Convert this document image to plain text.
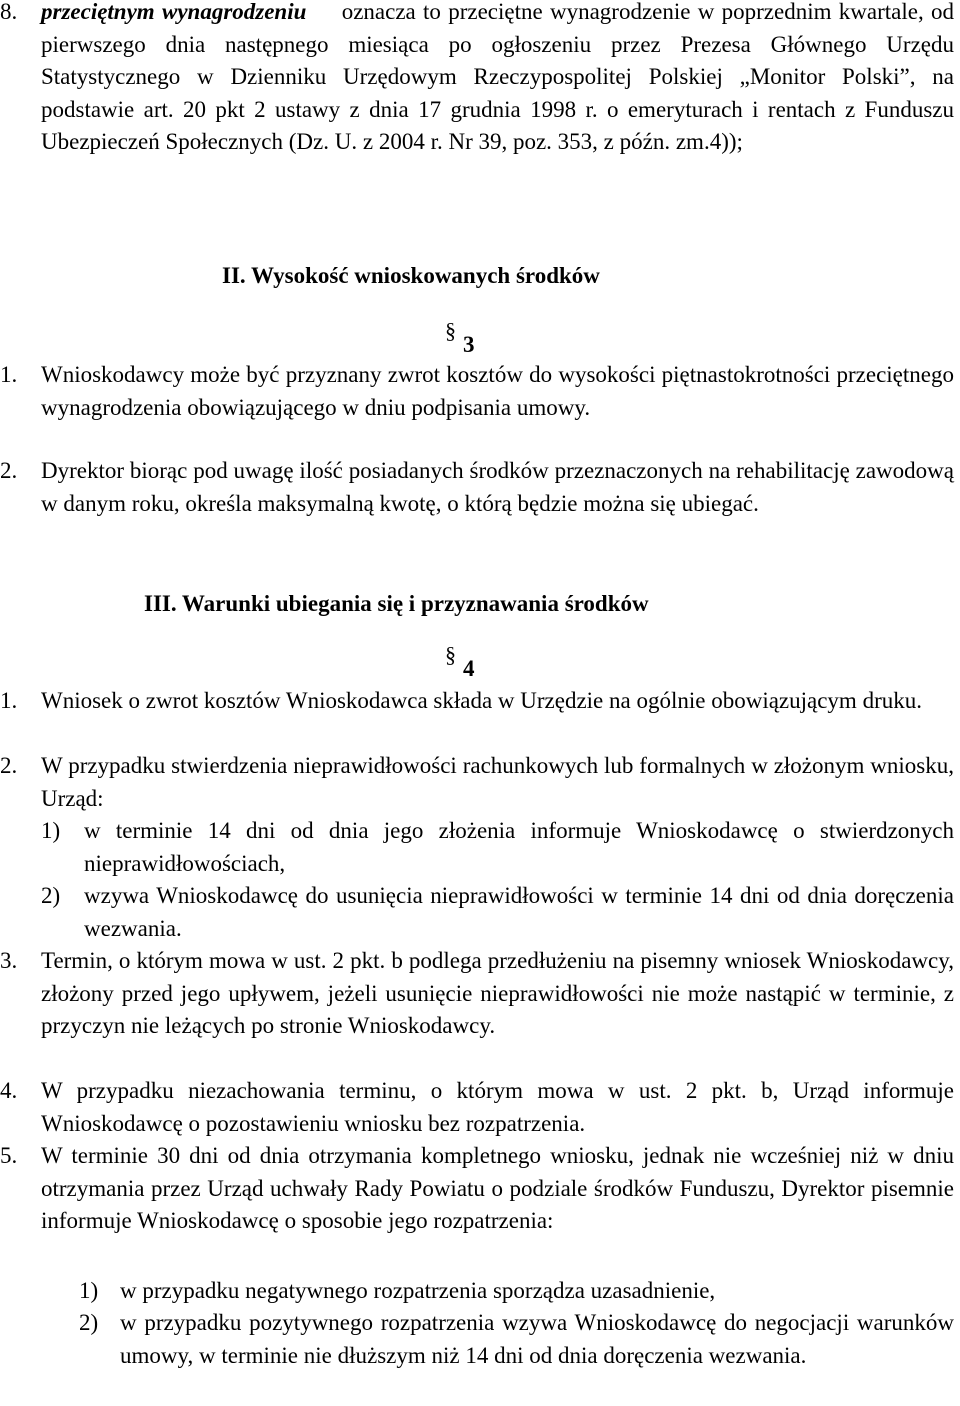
8. przeciętnym wynagrodzeniu oznacza to przeciętne wynagrodzenie w poprzednim kwartale, od pierwszego dnia następnego miesiąca po ogłoszeniu przez Prezesa Głównego Urzędu Statystycznego w Dzienniku Urzędowym Rzeczypospolitej Polskiej „Monitor Polski”, na podstawie art. 20 pkt 2 ustawy z dnia 17 grudnia 1998 r. o emeryturach i rentach z Funduszu Ubezpieczeń Społecznych (Dz. U. z 2004 r. Nr 39, poz. 353, z późn. zm.4));
II. Wysokość wnioskowanych środków
§
3
1. Wnioskodawcy może być przyznany zwrot kosztów do wysokości piętnastokrotności przeciętnego wynagrodzenia obowiązującego w dniu podpisania umowy.
2. Dyrektor biorąc pod uwagę ilość posiadanych środków przeznaczonych na rehabilitację zawodową w danym roku, określa maksymalną kwotę, o którą będzie można się ubiegać.
III. Warunki ubiegania się i przyznawania środków
§
4
1. Wniosek o zwrot kosztów Wnioskodawca składa w Urzędzie na ogólnie obowiązującym druku.
2. W przypadku stwierdzenia nieprawidłowości rachunkowych lub formalnych w złożonym wniosku, Urząd:
1) w terminie 14 dni od dnia jego złożenia informuje Wnioskodawcę o stwierdzonych nieprawidłowościach,
2) wzywa Wnioskodawcę do usunięcia nieprawidłowości w terminie 14 dni od dnia doręczenia wezwania.
3. Termin, o którym mowa w ust. 2 pkt. b podlega przedłużeniu na pisemny wniosek Wnioskodawcy, złożony przed jego upływem, jeżeli usunięcie nieprawidłowości nie może nastąpić w terminie, z przyczyn nie leżących po stronie Wnioskodawcy.
4. W przypadku niezachowania terminu, o którym mowa w ust. 2 pkt. b, Urząd informuje Wnioskodawcę o pozostawieniu wniosku bez rozpatrzenia.
5. W terminie 30 dni od dnia otrzymania kompletnego wniosku, jednak nie wcześniej niż w dniu otrzymania przez Urząd uchwały Rady Powiatu o podziale środków Funduszu, Dyrektor pisemnie informuje Wnioskodawcę o sposobie jego rozpatrzenia:
1) w przypadku negatywnego rozpatrzenia sporządza uzasadnienie,
2) w przypadku pozytywnego rozpatrzenia wzywa Wnioskodawcę do negocjacji warunków umowy, w terminie nie dłuższym niż 14 dni od dnia doręczenia wezwania.
